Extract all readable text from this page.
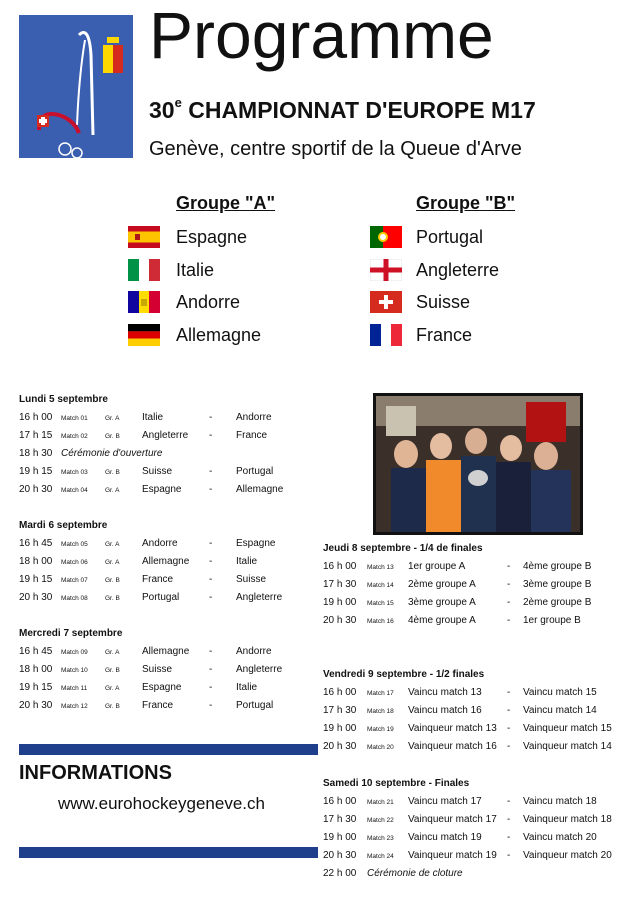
Programme
30e CHAMPIONNAT D'EUROPE M17
Genève, centre sportif de la Queue d'Arve
Groupe "A"	Groupe "B"
Espagne
Italie
Andorre
Allemagne
Portugal
Angleterre
Suisse
France
Lundi 5 septembre
16 h 00 Match 01	Gr. A Italie	- Andorre
17 h 15 Match 02	Gr. B Angleterre - France
18 h 30 Cérémonie d'ouverture
19 h 15 Match 03	Gr. B Suisse	- Portugal
20 h 30 Match 04	Gr. A Espagne	- Allemagne
Mardi 6 septembre
16 h 45 Match 05	Gr. A Andorre	- Espagne
18 h 00 Match 06	Gr. A Allemagne - Italie
19 h 15 Match 07	Gr. B France	- Suisse
20 h 30 Match 08	Gr. B Portugal	- Angleterre
Mercredi 7 septembre
16 h 45 Match 09	Gr. A Allemagne - Andorre
18 h 00 Match 10	Gr. B Suisse	- Angleterre
19 h 15 Match 11	Gr. A Espagne	- Italie
20 h 30 Match 12	Gr. B France	- Portugal
Jeudi 8 septembre - 1/4 de finales
16 h 00 Match 13 1er groupe A	- 4ème groupe B
17 h 30 Match 14 2ème groupe A	- 3ème groupe B
19 h 00 Match 15 3ème groupe A	- 2ème groupe B
20 h 30 Match 16 4ème groupe A	- 1er groupe B
Vendredi 9 septembre - 1/2 finales
16 h 00 Match 17 Vaincu match 13	- Vaincu match 15
17 h 30 Match 18 Vaincu match 16	- Vaincu match 14
19 h 00 Match 19 Vainqueur match 13 - Vainqueur match 15
20 h 30 Match 20 Vainqueur match 16 - Vainqueur match 14
Samedi 10 septembre - Finales
16 h 00 Match 21 Vaincu match 17	- Vaincu match 18
17 h 30 Match 22 Vainqueur match 17 - Vainqueur match 18
19 h 00 Match 23 Vaincu match 19	- Vaincu match 20
20 h 30 Match 24 Vainqueur match 19 - Vainqueur match 20
22 h 00 Cérémonie de cloture
INFORMATIONS
www.eurohockeygeneve.ch
